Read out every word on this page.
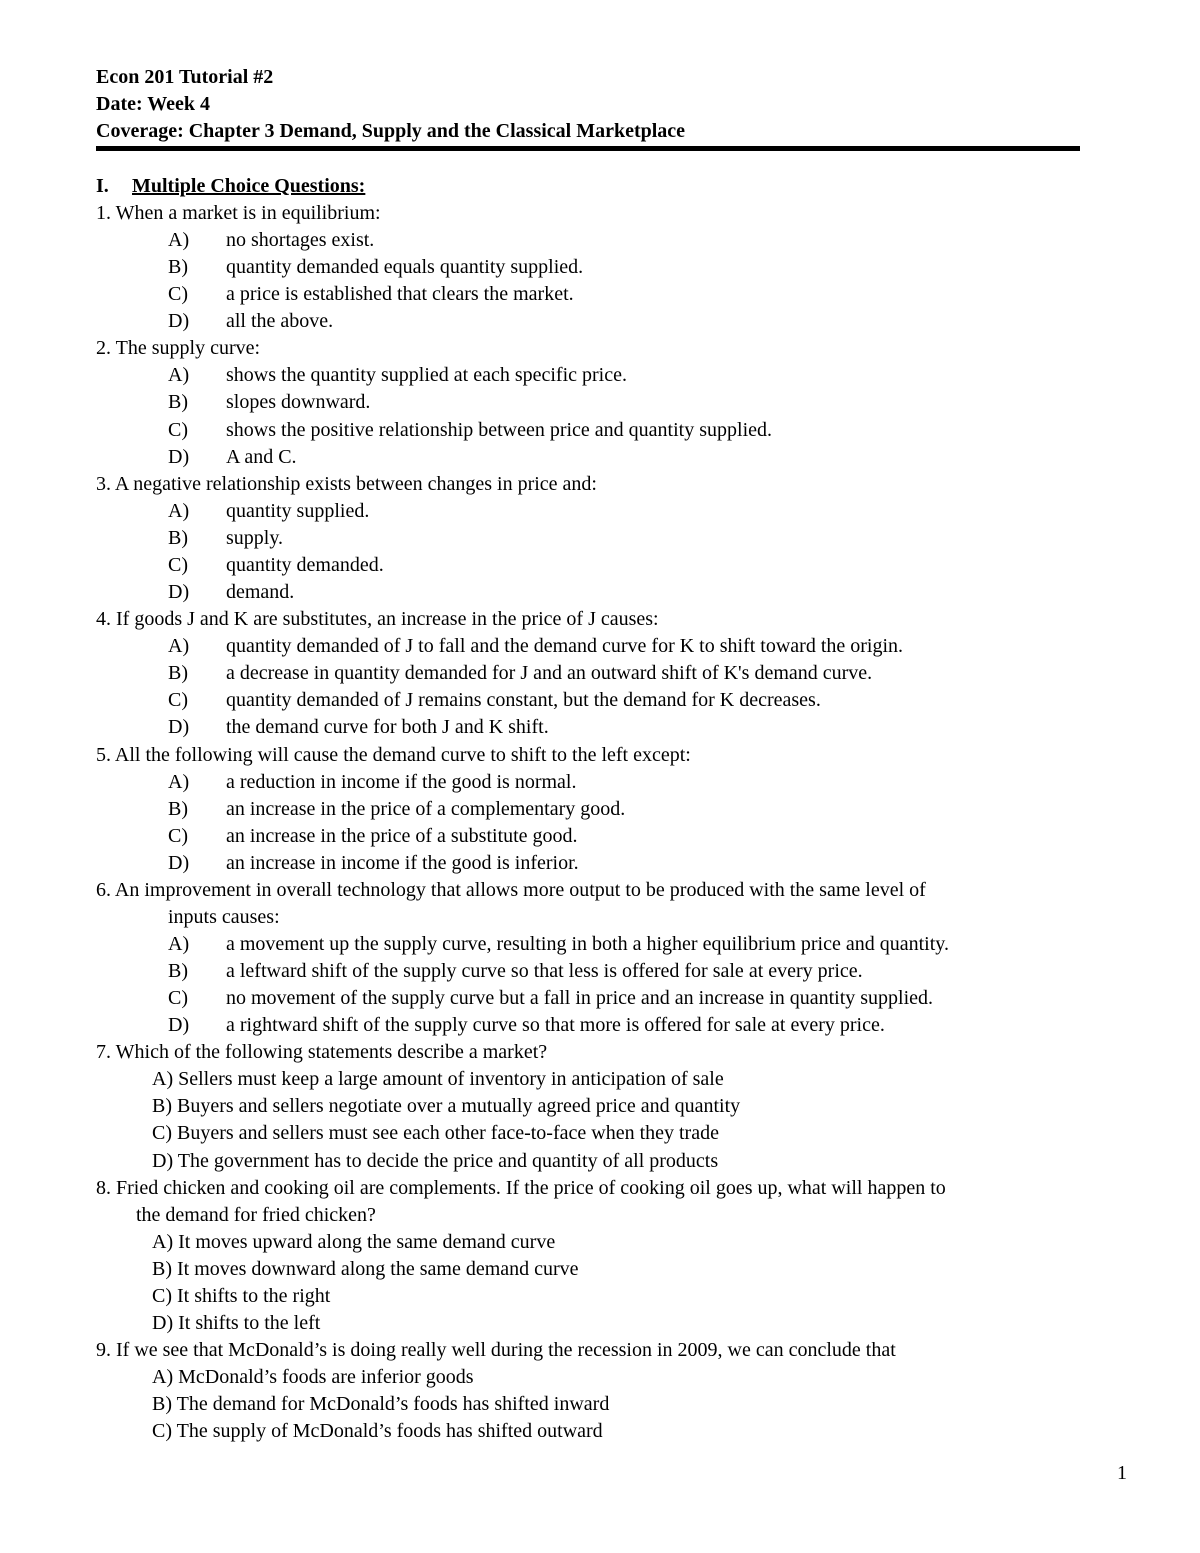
Econ 201 Tutorial #2
Date: Week 4
Coverage: Chapter 3 Demand, Supply and the Classical Marketplace
I. Multiple Choice Questions:
1. When a market is in equilibrium:
A) no shortages exist.
B) quantity demanded equals quantity supplied.
C) a price is established that clears the market.
D) all the above.
2. The supply curve:
A) shows the quantity supplied at each specific price.
B) slopes downward.
C) shows the positive relationship between price and quantity supplied.
D) A and C.
3. A negative relationship exists between changes in price and:
A) quantity supplied.
B) supply.
C) quantity demanded.
D) demand.
4. If goods J and K are substitutes, an increase in the price of J causes:
A) quantity demanded of J to fall and the demand curve for K to shift toward the origin.
B) a decrease in quantity demanded for J and an outward shift of K's demand curve.
C) quantity demanded of J remains constant, but the demand for K decreases.
D) the demand curve for both J and K shift.
5. All the following will cause the demand curve to shift to the left except:
A) a reduction in income if the good is normal.
B) an increase in the price of a complementary good.
C) an increase in the price of a substitute good.
D) an increase in income if the good is inferior.
6. An improvement in overall technology that allows more output to be produced with the same level of
inputs causes:
A) a movement up the supply curve, resulting in both a higher equilibrium price and quantity.
B) a leftward shift of the supply curve so that less is offered for sale at every price.
C) no movement of the supply curve but a fall in price and an increase in quantity supplied.
D) a rightward shift of the supply curve so that more is offered for sale at every price.
7. Which of the following statements describe a market?
A) Sellers must keep a large amount of inventory in anticipation of sale
B) Buyers and sellers negotiate over a mutually agreed price and quantity
C) Buyers and sellers must see each other face-to-face when they trade
D) The government has to decide the price and quantity of all products
8. Fried chicken and cooking oil are complements. If the price of cooking oil goes up, what will happen to
the demand for fried chicken?
A) It moves upward along the same demand curve
B) It moves downward along the same demand curve
C) It shifts to the right
D) It shifts to the left
9. If we see that McDonald’s is doing really well during the recession in 2009, we can conclude that
A) McDonald’s foods are inferior goods
B) The demand for McDonald’s foods has shifted inward
C) The supply of McDonald’s foods has shifted outward
1
